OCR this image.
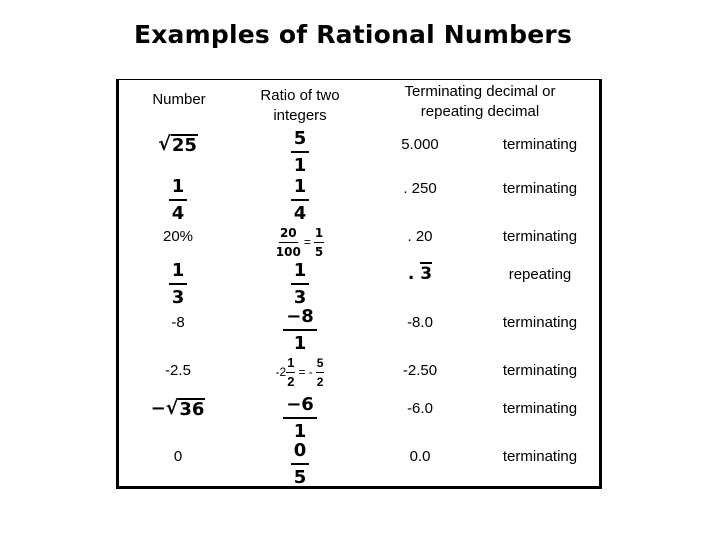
Examples of Rational Numbers
Number	Ratio of two
integers
Terminating decimal or
repeating decimal
√ 25	$\frac{5}{1}$	5.000	terminating
$\frac{1}{4}$	$\frac{1}{4}$	. 250	terminating
20%	$\frac{20}{100} = \frac{1}{5}$	. 20	terminating
$\frac{1}{3}$	$\frac{1}{3}$	. 3	repeating
-8	$\frac{-8}{1}$	-8.0	terminating
-2.5	$-2 \frac{1}{2}$ = - $\frac{5}{2}$	-2.50	terminating
− √ 36	$\frac{-6}{1}$	-6.0	terminating
0	$\frac{0}{5}$	0.0	terminating
